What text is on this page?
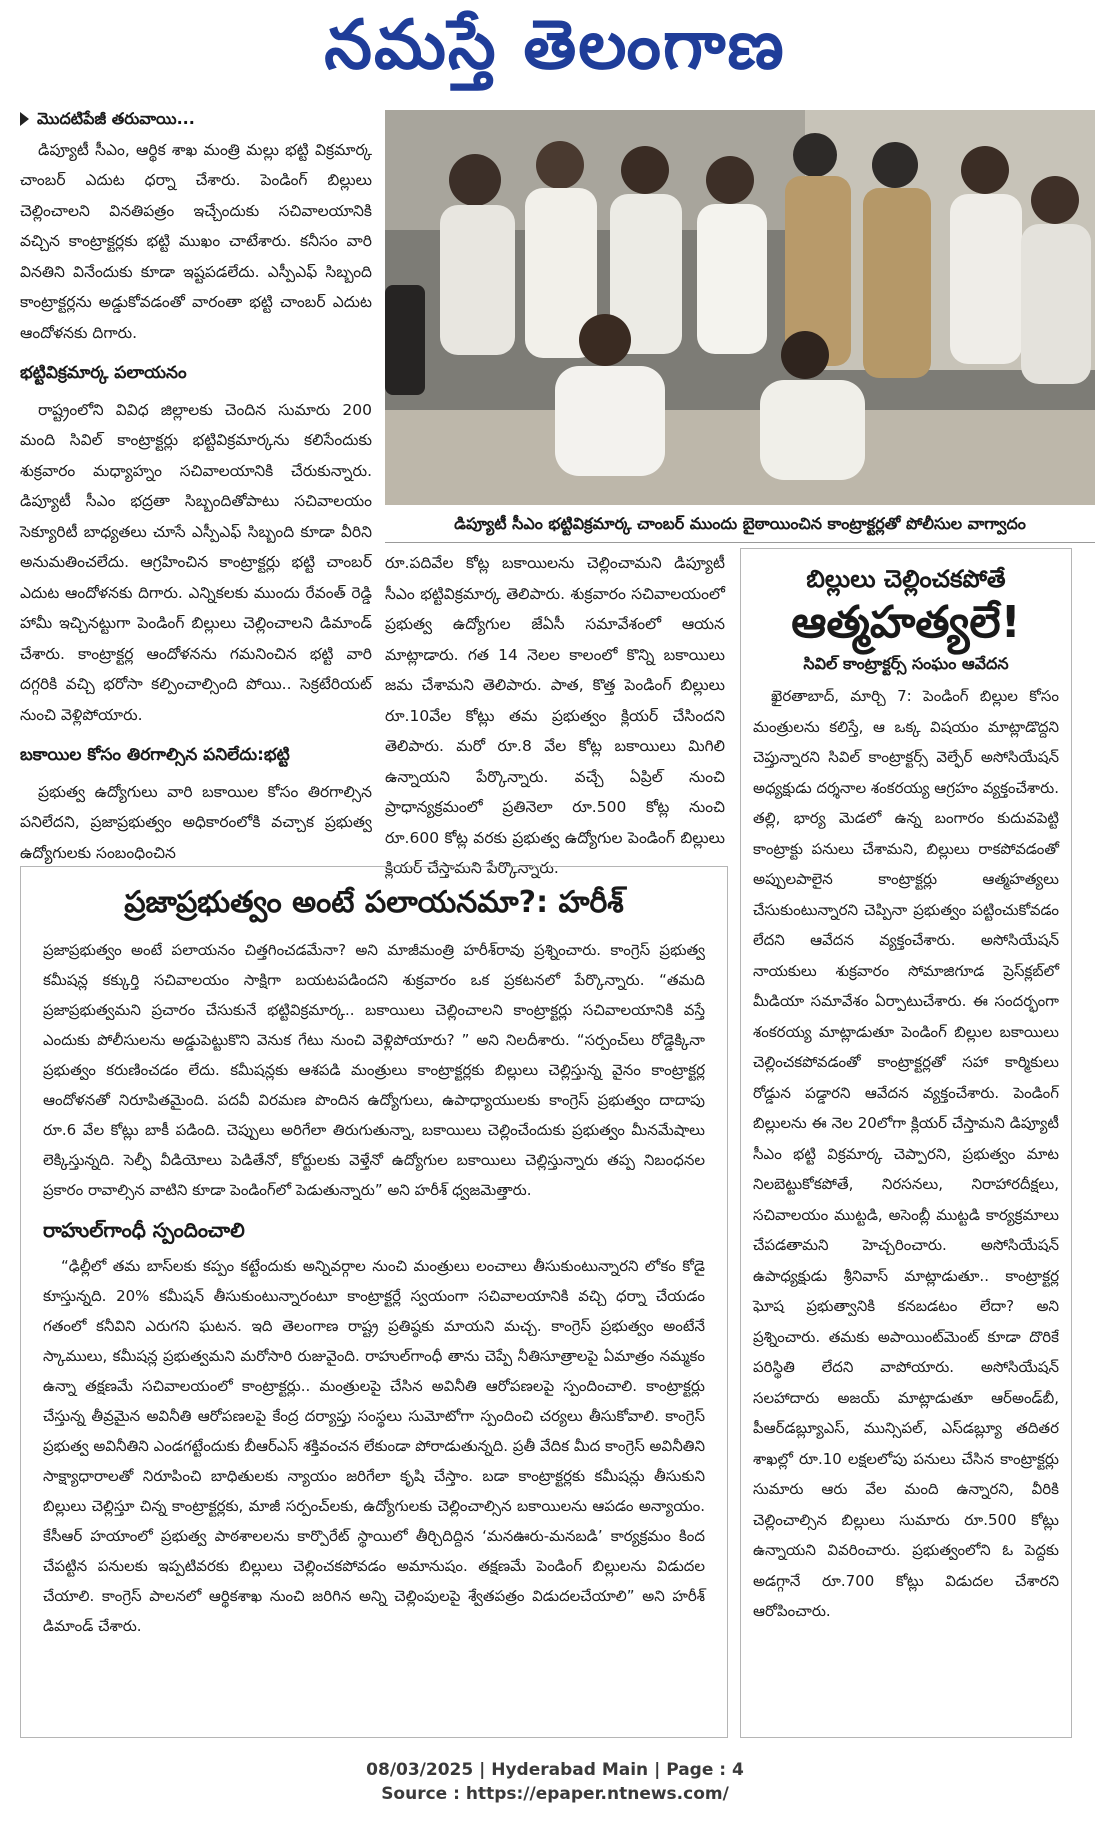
నమస్తే తెలంగాణ
మొదటిపేజీ తరువాయి...

డిప్యూటీ సీఎం, ఆర్థిక శాఖ మంత్రి మల్లు భట్టి విక్రమార్క చాంబర్ ఎదుట ధర్నా చేశారు. పెండింగ్ బిల్లులు చెల్లించాలని వినతిపత్రం ఇచ్చేందుకు సచివాలయానికి వచ్చిన కాంట్రాక్టర్లకు భట్టి ముఖం చాటేశారు. కనీసం వారి వినతిని వినేందుకు కూడా ఇష్టపడలేదు. ఎస్పీఎఫ్ సిబ్బంది కాంట్రాక్టర్లను అడ్డుకోవడంతో వారంతా భట్టి చాంబర్ ఎదుట ఆందోళనకు దిగారు.

భట్టివిక్రమార్క పలాయనం

రాష్ట్రంలోని వివిధ జిల్లాలకు చెందిన సుమారు 200 మంది సివిల్ కాంట్రాక్టర్లు భట్టివిక్రమార్కను కలిసేందుకు శుక్రవారం మధ్యాహ్నం సచివాలయానికి చేరుకున్నారు. డిప్యూటీ సీఎం భద్రతా సిబ్బందితోపాటు సచివాలయం సెక్యూరిటీ బాధ్యతలు చూసే ఎస్పీఎఫ్ సిబ్బంది కూడా వీరిని అనుమతించలేదు. ఆగ్రహించిన కాంట్రాక్టర్లు భట్టి చాంబర్ ఎదుట ఆందోళనకు దిగారు. ఎన్నికలకు ముందు రేవంత్ రెడ్డి హామీ ఇచ్చినట్టుగా పెండింగ్ బిల్లులు చెల్లించాలని డిమాండ్ చేశారు. కాంట్రాక్టర్ల ఆందోళనను గమనించిన భట్టి వారి దగ్గరికి వచ్చి భరోసా కల్పించాల్సింది పోయి.. సెక్రటేరియట్ నుంచి వెళ్లిపోయారు.

బకాయిల కోసం తిరగాల్సిన పనిలేదు:భట్టి

ప్రభుత్వ ఉద్యోగులు వారి బకాయిల కోసం తిరగాల్సిన పనిలేదని, ప్రజాప్రభుత్వం అధికారంలోకి వచ్చాక ప్రభుత్వ ఉద్యోగులకు సంబంధించిన

డిప్యూటీ సీఎం భట్టివిక్రమార్క చాంబర్ ముందు బైఠాయించిన కాంట్రాక్టర్లతో పోలీసుల వాగ్వాదం

రూ.పదివేల కోట్ల బకాయిలను చెల్లించామని డిప్యూటీ సీఎం భట్టివిక్రమార్క తెలిపారు. శుక్రవారం సచివాలయంలో ప్రభుత్వ ఉద్యోగుల జేఏసీ సమావేశంలో ఆయన మాట్లాడారు. గత 14 నెలల కాలంలో కొన్ని బకాయిలు జమ చేశామని తెలిపారు. పాత, కొత్త పెండింగ్ బిల్లులు రూ.10వేల కోట్లు తమ ప్రభుత్వం క్లియర్ చేసిందని తెలిపారు. మరో రూ.8 వేల కోట్ల బకాయిలు మిగిలి ఉన్నాయని పేర్కొన్నారు. వచ్చే ఏప్రిల్ నుంచి ప్రాధాన్యక్రమంలో ప్రతినెలా రూ.500 కోట్ల నుంచి రూ.600 కోట్ల వరకు ప్రభుత్వ ఉద్యోగుల పెండింగ్ బిల్లులు క్లియర్ చేస్తామని పేర్కొన్నారు.

బిల్లులు చెల్లించకపోతే
ఆత్మహత్యలే!
సివిల్ కాంట్రాక్టర్స్ సంఘం ఆవేదన

ఖైరతాబాద్, మార్చి 7: పెండింగ్ బిల్లుల కోసం మంత్రులను కలిస్తే, ఆ ఒక్క విషయం మాట్లాడొద్దని చెప్తున్నారని సివిల్ కాంట్రాక్టర్స్ వెల్ఫేర్ అసోసియేషన్ అధ్యక్షుడు దర్శనాల శంకరయ్య ఆగ్రహం వ్యక్తంచేశారు. తల్లి, భార్య మెడలో ఉన్న బంగారం కుదువపెట్టి కాంట్రాక్టు పనులు చేశామని, బిల్లులు రాకపోవడంతో అప్పులపాలైన కాంట్రాక్టర్లు ఆత్మహత్యలు చేసుకుంటున్నారని చెప్పినా ప్రభుత్వం పట్టించుకోవడం లేదని ఆవేదన వ్యక్తంచేశారు. అసోసియేషన్ నాయకులు శుక్రవారం సోమాజిగూడ ప్రెస్‌క్లబ్‌లో మీడియా సమావేశం ఏర్పాటుచేశారు. ఈ సందర్భంగా శంకరయ్య మాట్లాడుతూ పెండింగ్ బిల్లుల బకాయిలు చెల్లించకపోవడంతో కాంట్రాక్టర్లతో సహా కార్మికులు రోడ్డున పడ్డారని ఆవేదన వ్యక్తంచేశారు. పెండింగ్ బిల్లులను ఈ నెల 20లోగా క్లియర్ చేస్తామని డిప్యూటీ సీఎం భట్టి విక్రమార్క చెప్పారని, ప్రభుత్వం మాట నిలబెట్టుకోకపోతే, నిరసనలు, నిరాహారదీక్షలు, సచివాలయం ముట్టడి, అసెంబ్లీ ముట్టడి కార్యక్రమాలు చేపడతామని హెచ్చరించారు. అసోసియేషన్ ఉపాధ్యక్షుడు శ్రీనివాస్ మాట్లాడుతూ.. కాంట్రాక్టర్ల ఘోష ప్రభుత్వానికి కనబడటం లేదా? అని ప్రశ్నించారు. తమకు అపాయింట్‌మెంట్ కూడా దొరికే పరిస్థితి లేదని వాపోయారు. అసోసియేషన్ సలహాదారు అజయ్ మాట్లాడుతూ ఆర్‌అండ్‌బీ, పీఆర్‌డబ్ల్యూఎస్, మున్సిపల్, ఎస్‌డబ్ల్యూ తదితర శాఖల్లో రూ.10 లక్షలలోపు పనులు చేసిన కాంట్రాక్టర్లు సుమారు ఆరు వేల మంది ఉన్నారని, వీరికి చెల్లించాల్సిన బిల్లులు సుమారు రూ.500 కోట్లు ఉన్నాయని వివరించారు. ప్రభుత్వంలోని ఓ పెద్దకు అడగ్గానే రూ.700 కోట్లు విడుదల చేశారని ఆరోపించారు.

ప్రజాప్రభుత్వం అంటే పలాయనమా?: హరీశ్

ప్రజాప్రభుత్వం అంటే పలాయనం చిత్తగించడమేనా? అని మాజీమంత్రి హరీశ్‌రావు ప్రశ్నించారు. కాంగ్రెస్ ప్రభుత్వ కమీషన్ల కక్కుర్తి సచివాలయం సాక్షిగా బయటపడిందని శుక్రవారం ఒక ప్రకటనలో పేర్కొన్నారు. “తమది ప్రజాప్రభుత్వమని ప్రచారం చేసుకునే భట్టివిక్రమార్క.. బకాయిలు చెల్లించాలని కాంట్రాక్టర్లు సచివాలయానికి వస్తే ఎందుకు పోలీసులను అడ్డుపెట్టుకొని వెనుక గేటు నుంచి వెళ్లిపోయారు? ” అని నిలదీశారు. “సర్పంచ్‌లు రోడ్డెక్కినా ప్రభుత్వం కరుణించడం లేదు. కమీషన్లకు ఆశపడి మంత్రులు కాంట్రాక్టర్లకు బిల్లులు చెల్లిస్తున్న వైనం కాంట్రాక్టర్ల ఆందోళనతో నిరూపితమైంది. పదవీ విరమణ పొందిన ఉద్యోగులు, ఉపాధ్యాయులకు కాంగ్రెస్ ప్రభుత్వం దాదాపు రూ.6 వేల కోట్లు బాకీ పడింది. చెప్పులు అరిగేలా తిరుగుతున్నా, బకాయిలు చెల్లించేందుకు ప్రభుత్వం మీనమేషాలు లెక్కిస్తున్నది. సెల్ఫీ వీడియోలు పెడితేనో, కోర్టులకు వెళ్తేనో ఉద్యోగుల బకాయిలు చెల్లిస్తున్నారు తప్ప నిబంధనల ప్రకారం రావాల్సిన వాటిని కూడా పెండింగ్‌లో పెడుతున్నారు” అని హరీశ్ ధ్వజమెత్తారు.

రాహుల్‌గాంధీ స్పందించాలి

“ఢిల్లీలో తమ బాస్‌లకు కప్పం కట్టేందుకు అన్నివర్గాల నుంచి మంత్రులు లంచాలు తీసుకుంటున్నారని లోకం కోడై కూస్తున్నది. 20% కమీషన్ తీసుకుంటున్నారంటూ కాంట్రాక్టర్లే స్వయంగా సచివాలయానికి వచ్చి ధర్నా చేయడం గతంలో కనీవిని ఎరుగని ఘటన. ఇది తెలంగాణ రాష్ట్ర ప్రతిష్ఠకు మాయని మచ్చ. కాంగ్రెస్ ప్రభుత్వం అంటేనే స్కాములు, కమీషన్ల ప్రభుత్వమని మరోసారి రుజువైంది. రాహుల్‌గాంధీ తాను చెప్పే నీతిసూత్రాలపై ఏమాత్రం నమ్మకం ఉన్నా తక్షణమే సచివాలయంలో కాంట్రాక్టర్లు.. మంత్రులపై చేసిన అవినీతి ఆరోపణలపై స్పందించాలి. కాంట్రాక్టర్లు చేస్తున్న తీవ్రమైన అవినీతి ఆరోపణలపై కేంద్ర దర్యాప్తు సంస్థలు సుమోటోగా స్పందించి చర్యలు తీసుకోవాలి. కాంగ్రెస్ ప్రభుత్వ అవినీతిని ఎండగట్టేందుకు బీఆర్‌ఎస్ శక్తివంచన లేకుండా పోరాడుతున్నది. ప్రతీ వేదిక మీద కాంగ్రెస్ అవినీతిని సాక్ష్యాధారాలతో నిరూపించి బాధితులకు న్యాయం జరిగేలా కృషి చేస్తాం. బడా కాంట్రాక్టర్లకు కమీషన్లు తీసుకుని బిల్లులు చెల్లిస్తూ చిన్న కాంట్రాక్టర్లకు, మాజీ సర్పంచ్‌లకు, ఉద్యోగులకు చెల్లించాల్సిన బకాయిలను ఆపడం అన్యాయం. కేసీఆర్ హయాంలో ప్రభుత్వ పాఠశాలలను కార్పొరేట్ స్థాయిలో తీర్చిదిద్దిన ‘మనఊరు-మనబడి’ కార్యక్రమం కింద చేపట్టిన పనులకు ఇప్పటివరకు బిల్లులు చెల్లించకపోవడం అమానుషం. తక్షణమే పెండింగ్ బిల్లులను విడుదల చేయాలి. కాంగ్రెస్ పాలనలో ఆర్థికశాఖ నుంచి జరిగిన అన్ని చెల్లింపులపై శ్వేతపత్రం విడుదలచేయాలి” అని హరీశ్ డిమాండ్ చేశారు.

08/03/2025 | Hyderabad Main | Page : 4
Source : https://epaper.ntnews.com/
